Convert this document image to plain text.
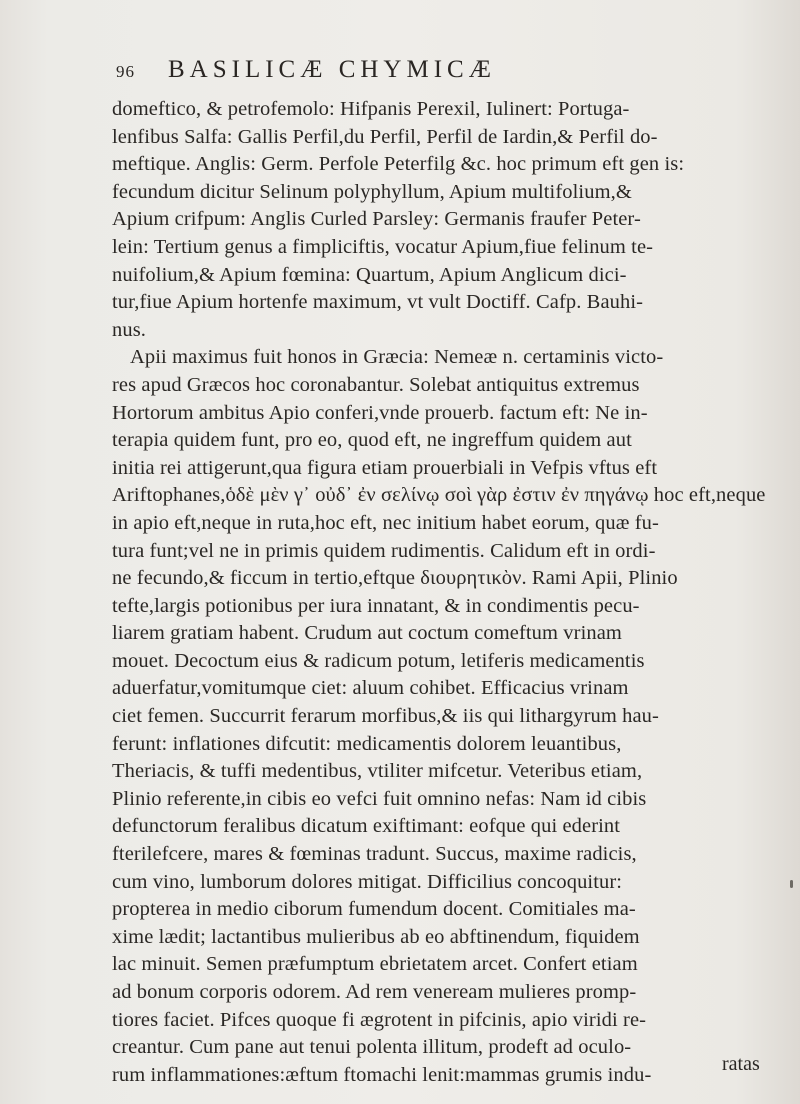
96	BASILICÆ CHYMICÆ
domeftico, & petrofemolo: Hifpanis Perexil, Iulinert: Portuga-
lenfibus Salfa: Gallis Perfil,du Perfil, Perfil de Iardin,& Perfil do-
meftique. Anglis: Germ. Perfole Peterfilg &c. hoc primum eft gen is:
fecundum dicitur Selinum polyphyllum, Apium multifolium,&
Apium crifpum: Anglis Curled Parsley: Germanis fraufer Peter-
lein: Tertium genus a fimpliciftis, vocatur Apium,fiue felinum te-
nuifolium,& Apium fœmina: Quartum, Apium Anglicum dici-
tur,fiue Apium hortenfe maximum, vt vult Doctiff. Cafp. Bauhi-
nus.
Apii maximus fuit honos in Græcia: Nemeæ n. certaminis victo-
res apud Græcos hoc coronabantur. Solebat antiquitus extremus
Hortorum ambitus Apio conferi,vnde prouerb. factum eft: Ne in-
terapia quidem funt, pro eo, quod eft, ne ingreffum quidem aut
initia rei attigerunt,qua figura etiam prouerbiali in Vefpis vftus eft
Ariftophanes,ὁδὲ μὲν γ᾽ οὐδ᾽ ἐν σελίνῳ σοὶ γὰρ ἐστιν ἐν πηγάνῳ hoc eft,neque
in apio eft,neque in ruta,hoc eft, nec initium habet eorum, quæ fu-
tura funt;vel ne in primis quidem rudimentis. Calidum eft in ordi-
ne fecundo,& ficcum in tertio,eftque διουρητικὸν. Rami Apii, Plinio
tefte,largis potionibus per iura innatant, & in condimentis pecu-
liarem gratiam habent. Crudum aut coctum comeftum vrinam
mouet. Decoctum eius & radicum potum, letiferis medicamentis
aduerfatur,vomitumque ciet: aluum cohibet. Efficacius vrinam
ciet femen. Succurrit ferarum morfibus,& iis qui lithargyrum hau-
ferunt: inflationes difcutit: medicamentis dolorem leuantibus,
Theriacis, & tuffi medentibus, vtiliter mifcetur. Veteribus etiam,
Plinio referente,in cibis eo vefci fuit omnino nefas: Nam id cibis
defunctorum feralibus dicatum exiftimant: eofque qui ederint
fterilefcere, mares & fœminas tradunt. Succus, maxime radicis,
cum vino, lumborum dolores mitigat. Difficilius concoquitur:
propterea in medio ciborum fumendum docent. Comitiales ma-
xime lædit; lactantibus mulieribus ab eo abftinendum, fiquidem
lac minuit. Semen præfumptum ebrietatem arcet. Confert etiam
ad bonum corporis odorem. Ad rem veneream mulieres promp-
tiores faciet. Pifces quoque fi ægrotent in pifcinis, apio viridi re-
creantur. Cum pane aut tenui polenta illitum, prodeft ad oculo-
rum inflammationes:æftum ftomachi lenit:mammas grumis indu-	ratas
